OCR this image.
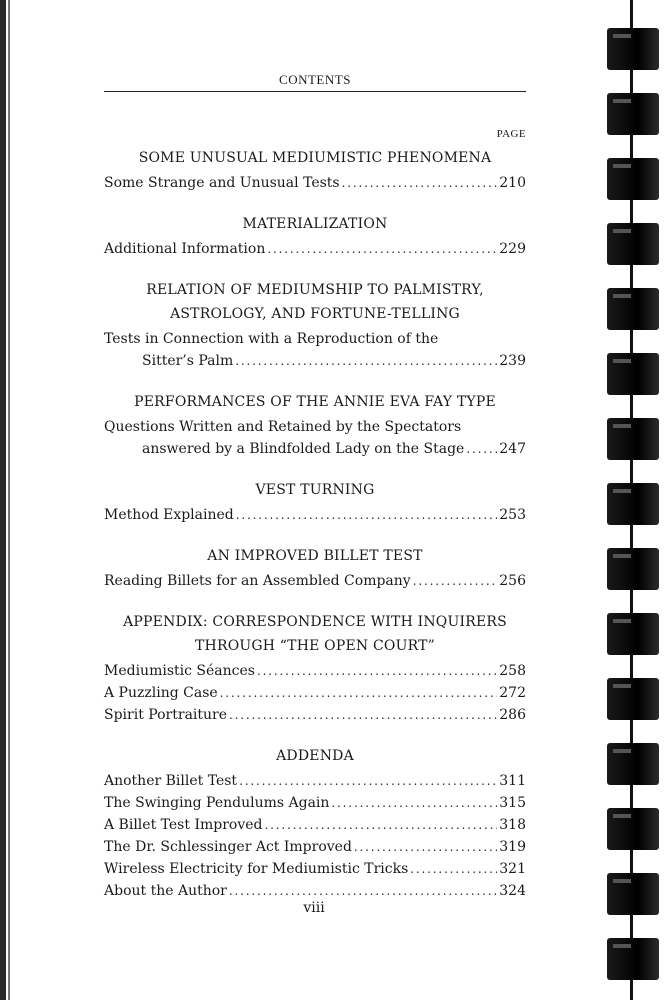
CONTENTS
PAGE
SOME UNUSUAL MEDIUMISTIC PHENOMENA
Some Strange and Unusual Tests . . .	210
MATERIALIZATION
Additional Information . . .	229
RELATION OF MEDIUMSHIP TO PALMISTRY,
ASTROLOGY, AND FORTUNE-TELLING
Tests in Connection with a Reproduction of the
Sitter’s Palm . . .	239
PERFORMANCES OF THE ANNIE EVA FAY TYPE
Questions Written and Retained by the Spectators
answered by a Blindfolded Lady on the Stage . . . 247
VEST TURNING
Method Explained . . .	253
AN IMPROVED BILLET TEST
Reading Billets for an Assembled Company . . .	256
APPENDIX: CORRESPONDENCE WITH INQUIRERS
THROUGH “THE OPEN COURT”
Mediumistic Séances . . .	258
A Puzzling Case . . .	272
Spirit Portraiture . . .	286
ADDENDA
Another Billet Test . . .	311
The Swinging Pendulums Again . . .	315
A Billet Test Improved . . .	318
The Dr. Schlessinger Act Improved . . .	319
Wireless Electricity for Mediumistic Tricks . . .	321
About the Author . . .	324
viii
